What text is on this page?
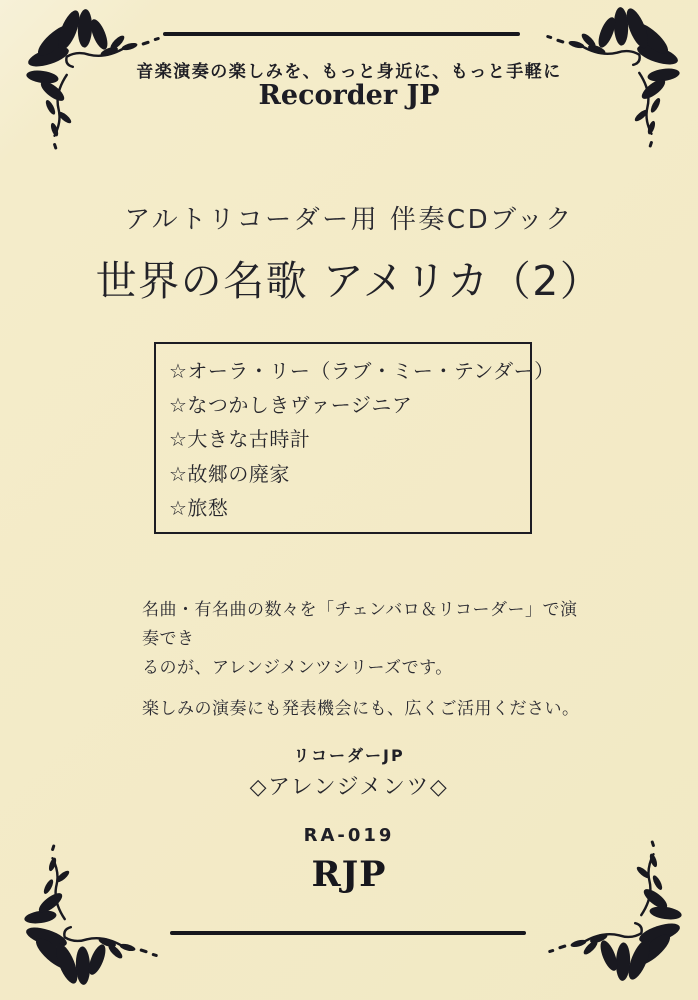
音楽演奏の楽しみを、もっと身近に、もっと手軽に
Recorder JP
アルトリコーダー用 伴奏CDブック
世界の名歌 アメリカ（2）
☆オーラ・リー（ラブ・ミー・テンダー）
☆なつかしきヴァージニア
☆大きな古時計
☆故郷の廃家
☆旅愁
名曲・有名曲の数々を「チェンバロ＆リコーダー」で演奏でき
るのが、アレンジメンツシリーズです。
楽しみの演奏にも発表機会にも、広くご活用ください。
リコーダーJP
◇アレンジメンツ◇
RA-019
RJP
